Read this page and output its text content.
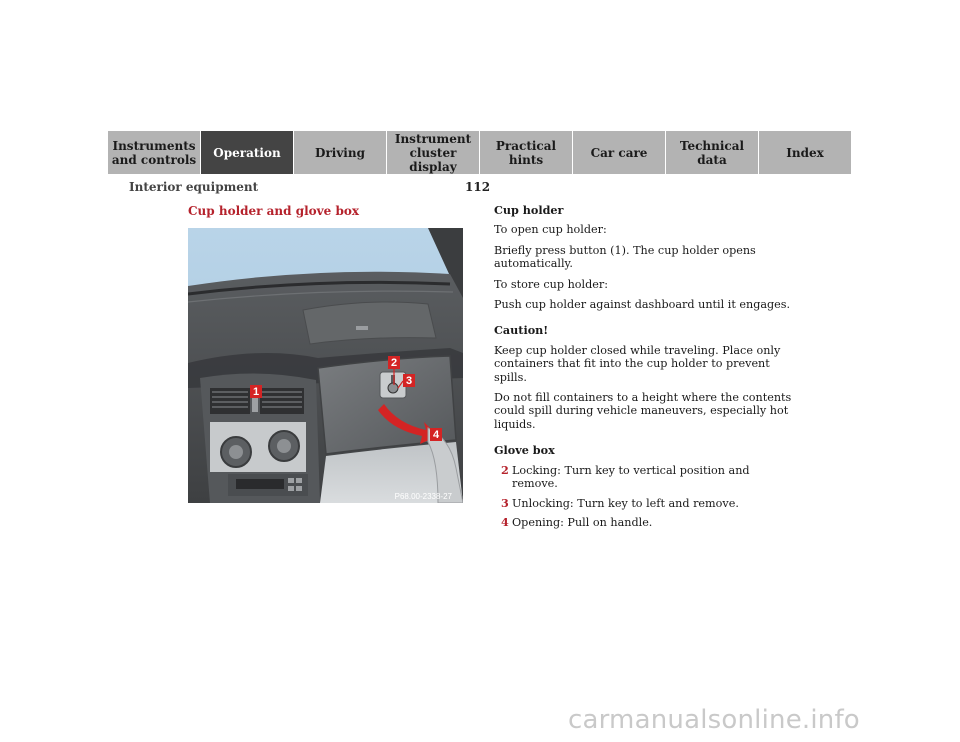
Instruments
and controls	Operation	Driving
Instrument
cluster display
Practical hints	Car care	Technical
data	Index
Interior equipment	112
Cup holder and glove box
1
2
3
4
P68.00-2338-27

Cup holder

To open cup holder:

Briefly press button (1). The cup holder opens automatically.

To store cup holder:

Push cup holder against dashboard until it engages.

Caution!

Keep cup holder closed while traveling. Place only containers that fit into the cup holder to prevent spills.

Do not fill containers to a height where the contents could spill during vehicle maneuvers, especially hot liquids.

Glove box

2 Locking: Turn key to vertical position and remove.
3 Unlocking: Turn key to left and remove.
4 Opening: Pull on handle.
carmanualsonline.info
